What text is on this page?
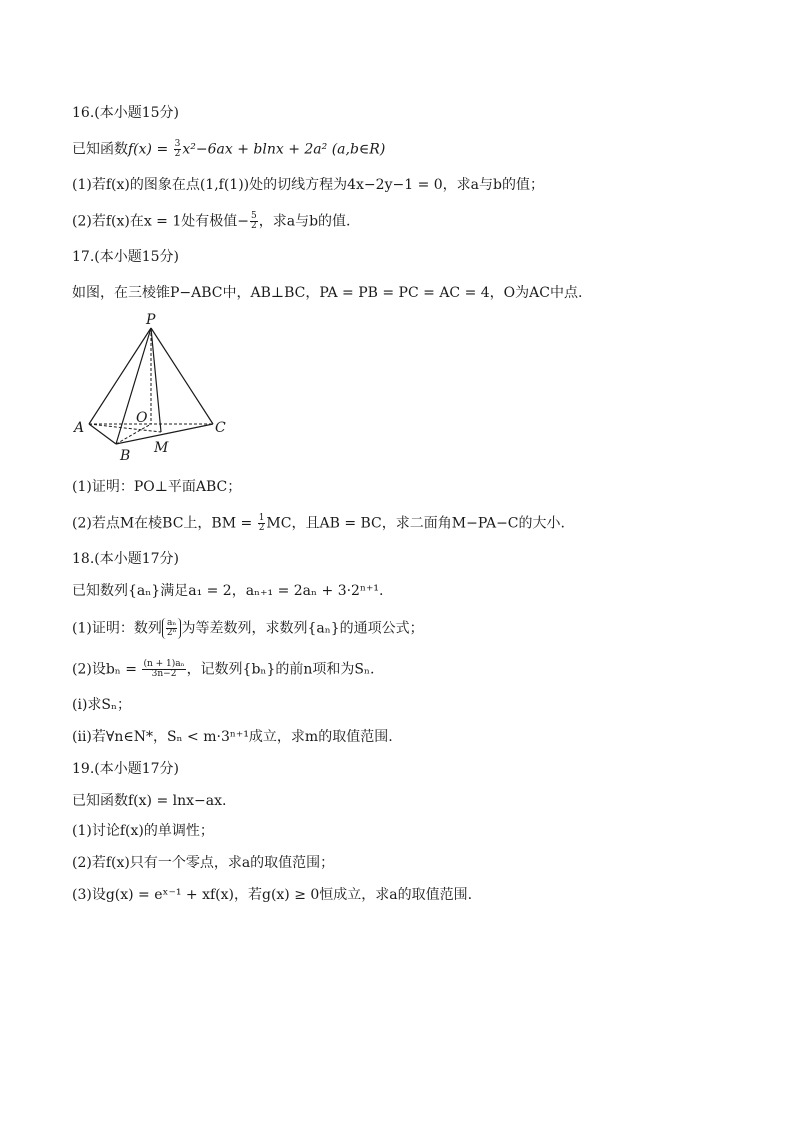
16.(本小题15分)
已知函数$f(x) = \frac{3}{2} x^2-6ax + blnx + 2a^2$ (a,b∈R)
(1)若f(x)的图象在点(1,f(1))处的切线方程为4x−2y−1 = 0，求a与b的值；
(2)若f(x)在x = 1处有极值− $\frac{5}{2}$ ，求a与b的值.
17.(本小题15分)
如图，在三棱锥P−ABC中，AB⊥BC，PA = PB = PC = AC = 4，O为AC中点.
P
A
B
C
O
M
(1)证明：PO⊥平面ABC；
(2)若点M在棱BC上，BM = $\frac{1}{2}$ MC，且AB = BC，求二面角M−PA−C的大小.
18.(本小题17分)
已知数列{aₙ}满足a₁ = 2，aₙ₊₁ = 2aₙ + 3·2ⁿ⁺¹.
(1)证明：数列 $\frac{\text{aₙ}}{\text{2ⁿ}}$ 为等差数列，求数列{aₙ}的通项公式；
(2)设$b_n = \frac{\text{(n + 1)aₙ}}{3n-2}$ ，记数列{bₙ}的前n项和为Sₙ.
(ⅰ)求Sₙ；
(ⅱ)若∀n∈N*，Sₙ < m·3ⁿ⁺¹成立，求m的取值范围.
19.(本小题17分)
已知函数f(x) = lnx−ax.
(1)讨论f(x)的单调性；
(2)若f(x)只有一个零点，求a的取值范围；
(3)设g(x) = eˣ⁻¹ + xf(x)，若g(x) ≥ 0恒成立，求a的取值范围.
